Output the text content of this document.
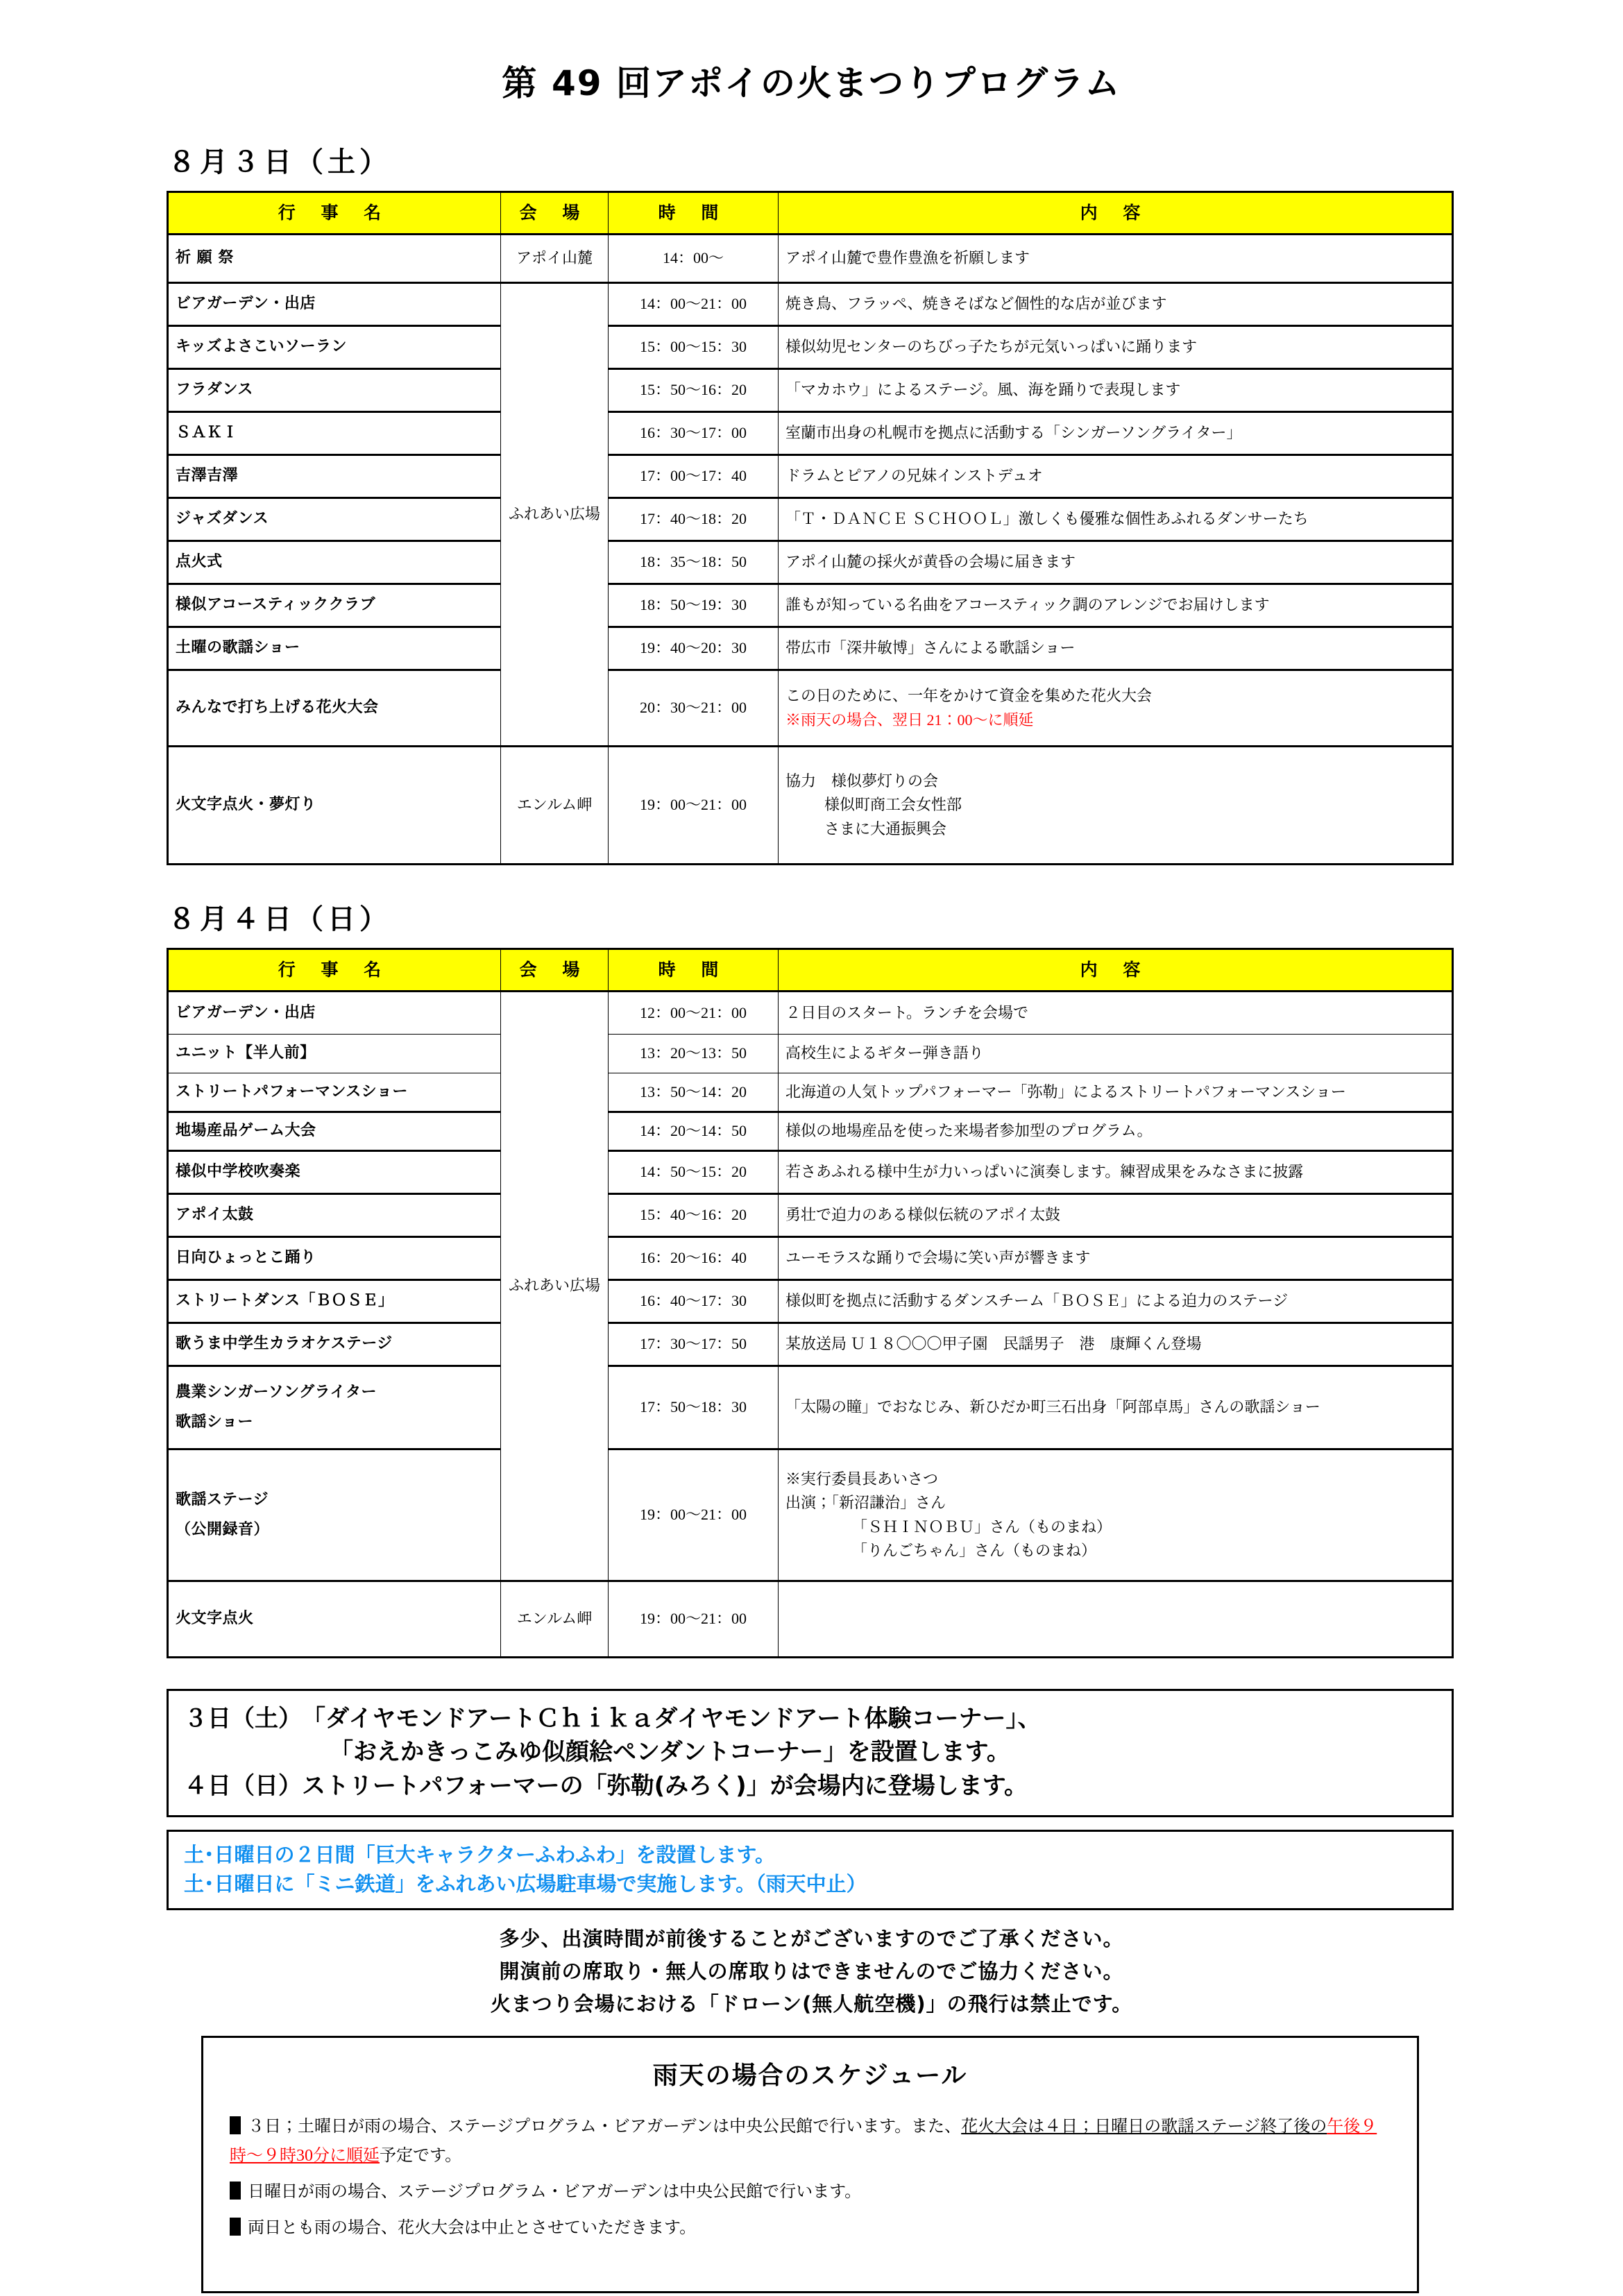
第 49 回アポイの火まつりプログラム
８月３日（土）
行 事 名	会 場	時 間	内 容
祈 願 祭	アポイ山麓	14：00〜	アポイ山麓で豊作豊漁を祈願します
ビアガーデン・出店	ふれあい広場	14：00〜21：00	焼き鳥、フラッペ、焼きそばなど個性的な店が並びます
キッズよさこいソーラン		15：00〜15：30	様似幼児センターのちびっ子たちが元気いっぱいに踊ります
フラダンス		15：50〜16：20	「マカホウ」によるステージ。風、海を踊りで表現します
ＳＡＫＩ		16：30〜17：00	室蘭市出身の札幌市を拠点に活動する「シンガーソングライター」
吉澤吉澤		17：00〜17：40	ドラムとピアノの兄妹インストデュオ
ジャズダンス		17：40〜18：20	「Ｔ・ＤＡＮＣＥ ＳＣＨＯＯＬ」激しくも優雅な個性あふれるダンサーたち
点火式		18：35〜18：50	アポイ山麓の採火が黄昏の会場に届きます
様似アコースティッククラブ		18：50〜19：30	誰もが知っている名曲をアコースティック調のアレンジでお届けします
土曜の歌謡ショー		19：40〜20：30	帯広市「深井敏博」さんによる歌謡ショー
みんなで打ち上げる花火大会		20：30〜21：00	この日のために、一年をかけて資金を集めた花火大会
※雨天の場合、翌日 21：00〜に順延

火文字点火・夢灯り	エンルム岬	19：00〜21：00	協力　様似夢灯りの会
様似町商工会女性部
さまに大通振興会
８月４日（日）
行 事 名	会 場	時 間	内 容
ビアガーデン・出店	ふれあい広場	12：00〜21：00	２日目のスタート。ランチを会場で
ユニット【半人前】		13：20〜13：50	高校生によるギター弾き語り
ストリートパフォーマンスショー		13：50〜14：20	北海道の人気トップパフォーマー「弥勒」によるストリートパフォーマンスショー
地場産品ゲーム大会		14：20〜14：50	様似の地場産品を使った来場者参加型のプログラム。
様似中学校吹奏楽		14：50〜15：20	若さあふれる様中生が力いっぱいに演奏します。練習成果をみなさまに披露
アポイ太鼓		15：40〜16：20	勇壮で迫力のある様似伝統のアポイ太鼓
日向ひょっとこ踊り		16：20〜16：40	ユーモラスな踊りで会場に笑い声が響きます
ストリートダンス「ＢＯＳＥ」		16：40〜17：30	様似町を拠点に活動するダンスチーム「ＢＯＳＥ」による迫力のステージ
歌うま中学生カラオケステージ		17：30〜17：50	某放送局 Ｕ１８〇〇〇甲子園　民謡男子　港　康輝くん登場

農業シンガーソングライター
歌謡ショー		17：50〜18：30	「太陽の瞳」でおなじみ、新ひだか町三石出身「阿部卓馬」さんの歌謡ショー

歌謡ステージ
（公開録音）		19：00〜21：00	※実行委員長あいさつ
出演；「新沼謙治」さん
「ＳＨＩＮＯＢＵ」さん（ものまね）
「りんごちゃん」さん（ものまね）

火文字点火	エンルム岬	19：00〜21：00	
３日（土）「ダイヤモンドアートＣｈｉｋａダイヤモンドアート体験コーナー」、
「おえかきっこみゆ似顔絵ペンダントコーナー」を設置します。
４日（日）ストリートパフォーマーの「弥勒(みろく)」が会場内に登場します。
土･日曜日の２日間「巨大キャラクターふわふわ」を設置します。
土･日曜日に「ミニ鉄道」をふれあい広場駐車場で実施します。（雨天中止）
多少、出演時間が前後することがございますのでご了承ください。
開演前の席取り・無人の席取りはできませんのでご協力ください。
火まつり会場における「ドローン(無人航空機)」の飛行は禁止です。
雨天の場合のスケジュール
３日；土曜日が雨の場合、ステージプログラム・ビアガーデンは中央公民館で行います。また、花火大会は４日；日曜日の歌謡ステージ終了後の午後９時〜９時30分に順延予定です。
日曜日が雨の場合、ステージプログラム・ビアガーデンは中央公民館で行います。
両日とも雨の場合、花火大会は中止とさせていただきます。
